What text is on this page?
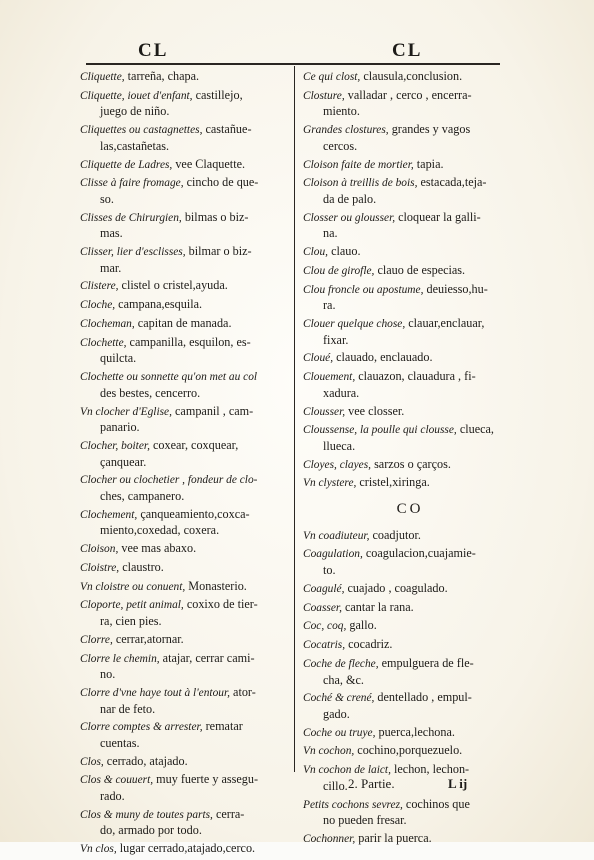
CL	CL
Cliquette, tarreña, chapa.
Cliquette, iouet d'enfant, castillejo,
juego de niño.
Cliquettes ou castagnettes, castañue-
las,castañetas.
Cliquette de Ladres, vee Claquette.
Clisse à faire fromage, cincho de que-
so.
Clisses de Chirurgien, bilmas o biz-
mas.
Clisser, lier d'esclisses, bilmar o biz-
mar.
Clistere, clistel o cristel,ayuda.
Cloche, campana,esquila.
Clocheman, capitan de manada.
Clochette, campanilla, esquilon, es-
quilcta.
Clochette ou sonnette qu'on met au col
des bestes, cencerro.
Vn clocher d'Eglise, campanil , cam-
panario.
Clocher, boiter, coxear, coxquear,
çanquear.
Clocher ou clochetier , fondeur de clo-
ches, campanero.
Clochement, çanqueamiento,coxca-
miento,coxedad, coxera.
Cloison, vee mas abaxo.
Cloistre, claustro.
Vn cloistre ou conuent, Monasterio.
Cloporte, petit animal, coxixo de tier-
ra, cien pies.
Clorre, cerrar,atornar.
Clorre le chemin, atajar, cerrar cami-
no.
Clorre d'vne haye tout à l'entour, ator-
nar de feto.
Clorre comptes & arrester, rematar
cuentas.
Clos, cerrado, atajado.
Clos & couuert, muy fuerte y assegu-
rado.
Clos & muny de toutes parts, cerra-
do, armado por todo.
Vn clos, lugar cerrado,atajado,cerco.
Ce qui clost, clausula,conclusion.
Closture, valladar , cerco , encerra-
miento.
Grandes clostures, grandes y vagos
cercos.
Cloison faite de mortier, tapia.
Cloison à treillis de bois, estacada,teja-
da de palo.
Closser ou glousser, cloquear la galli-
na.
Clou, clauo.
Clou de girofle, clauo de especias.
Clou froncle ou apostume, deuiesso,hu-
ra.
Clouer quelque chose, clauar,enclauar,
fixar.
Cloué, clauado, enclauado.
Clouement, clauazon, clauadura , fi-
xadura.
Clousser, vee closser.
Cloussense, la poulle qui clousse, clueca,
llueca.
Cloyes, clayes, sarzos o çarços.
Vn clystere, cristel,xiringa.
CO
Vn coadiuteur, coadjutor.
Coagulation, coagulacion,cuajamie-
to.
Coagulé, cuajado , coagulado.
Coasser, cantar la rana.
Coc, coq, gallo.
Cocatris, cocadriz.
Coche de fleche, empulguera de fle-
cha, &c.
Coché & crené, dentellado , empul-
gado.
Coche ou truye, puerca,lechona.
Vn cochon, cochino,porquezuelo.
Vn cochon de laict, lechon, lechon-
cillo.
Petits cochons sevrez, cochinos que
no pueden fresar.
Cochonner, parir la puerca.
2. Partie.	L ij
